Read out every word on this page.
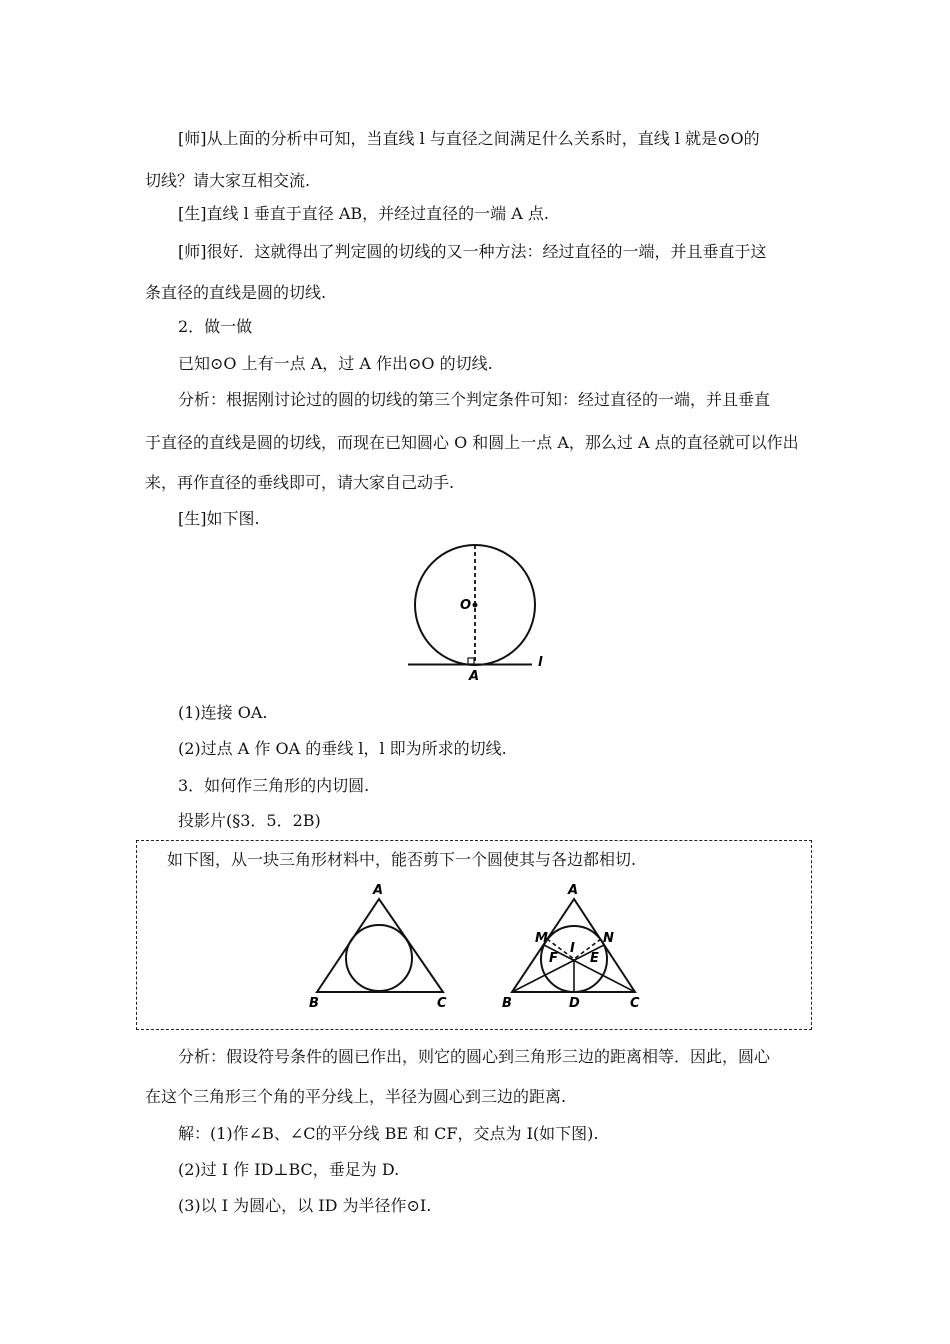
[师]从上面的分析中可知，当直线 l 与直径之间满足什么关系时，直线 l 就是⊙O的
切线？请大家互相交流.
[生]直线 l 垂直于直径 AB，并经过直径的一端 A 点.
[师]很好．这就得出了判定圆的切线的又一种方法：经过直径的一端，并且垂直于这
条直径的直线是圆的切线.
2．做一做
已知⊙O 上有一点 A，过 A 作出⊙O 的切线.
分析：根据刚讨论过的圆的切线的第三个判定条件可知：经过直径的一端，并且垂直
于直径的直线是圆的切线，而现在已知圆心 O 和圆上一点 A，那么过 A 点的直径就可以作出
来，再作直径的垂线即可，请大家自己动手.
[生]如下图.
O
A
l
(1)连接 OA.
(2)过点 A 作 OA 的垂线 l，l 即为所求的切线.
3．如何作三角形的内切圆.
投影片(§3．5．2B)
如下图，从一块三角形材料中，能否剪下一个圆使其与各边都相切.
A
B	C
A
B	C
D
E
F
I
M	N
分析：假设符号条件的圆已作出，则它的圆心到三角形三边的距离相等．因此，圆心
在这个三角形三个角的平分线上，半径为圆心到三边的距离.
解：(1)作∠B、∠C的平分线 BE 和 CF，交点为 I(如下图).
(2)过 I 作 ID⊥BC，垂足为 D.
(3)以 I 为圆心，以 ID 为半径作⊙I.
